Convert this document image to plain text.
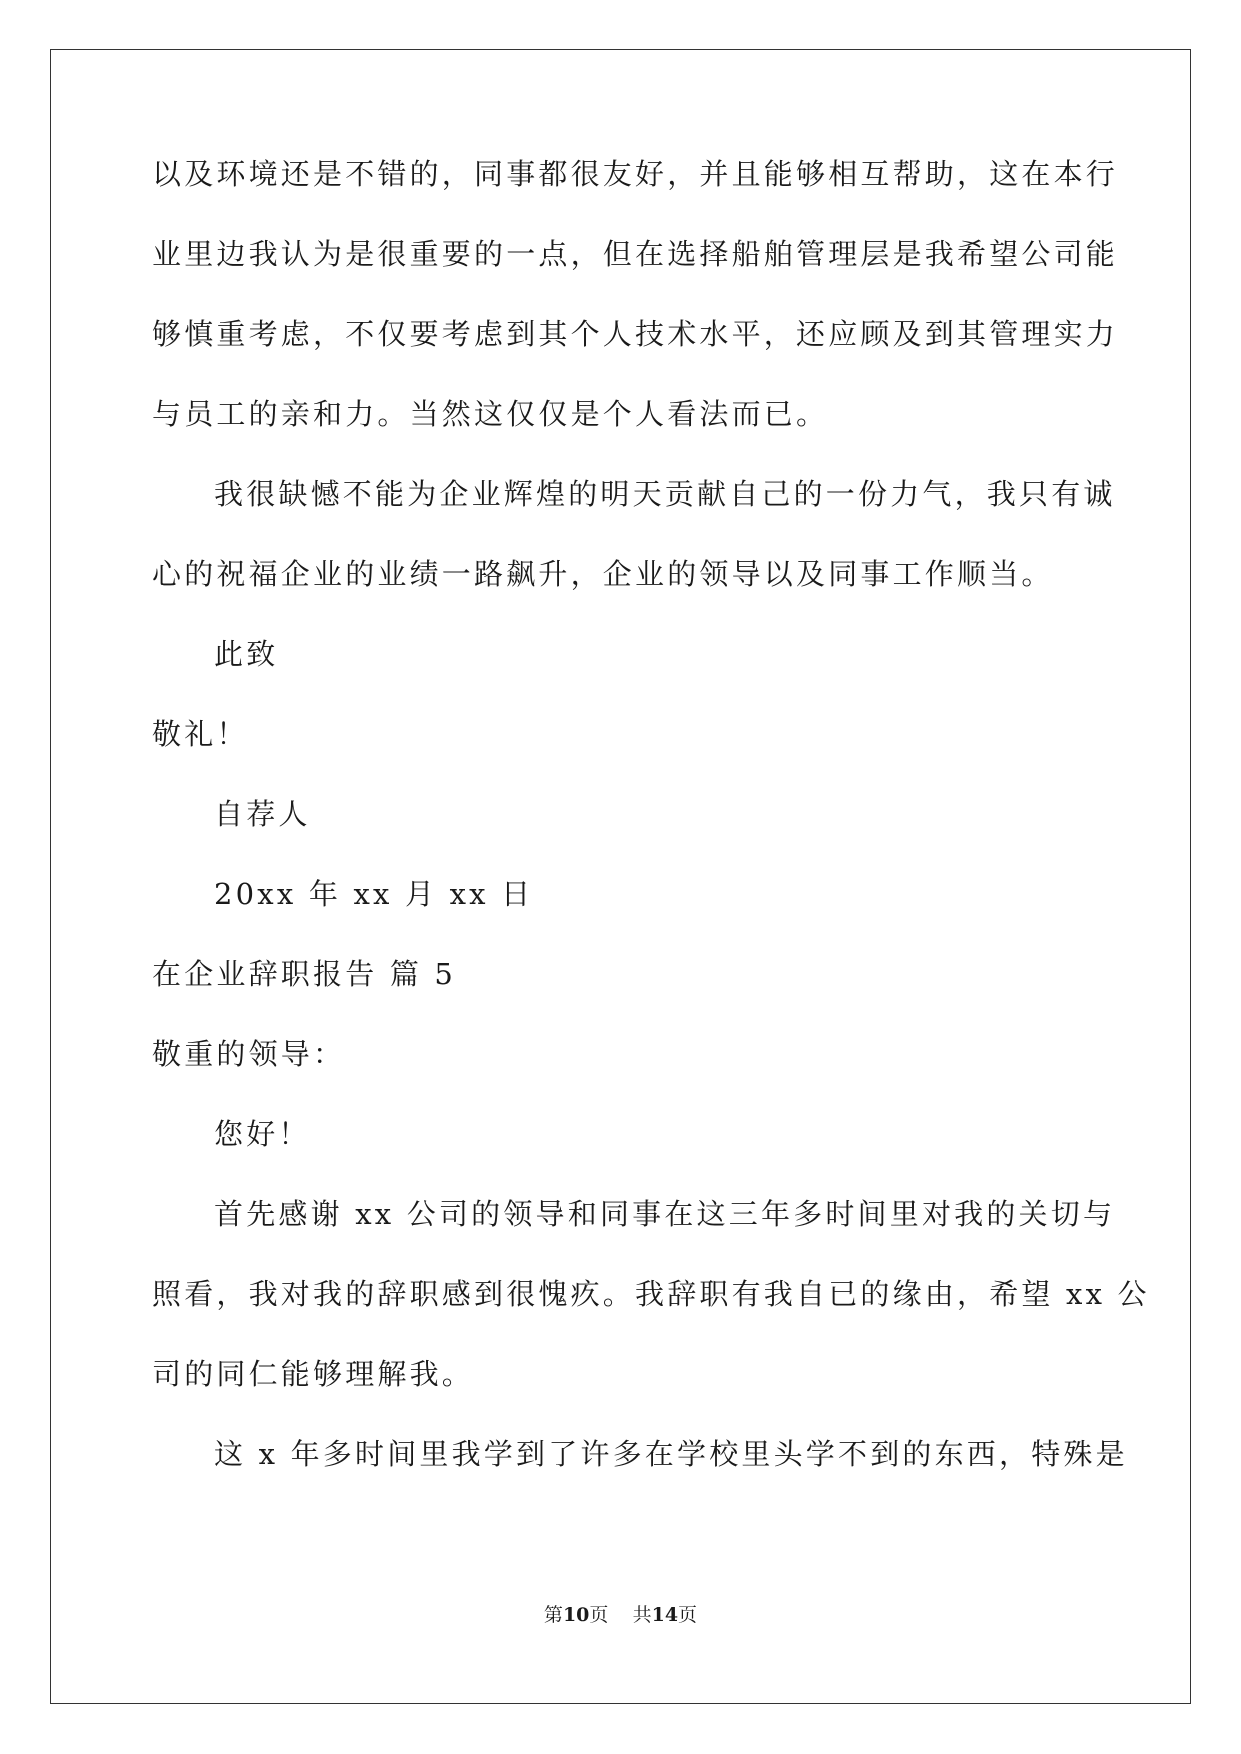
以及环境还是不错的，同事都很友好，并且能够相互帮助，这在本行
业里边我认为是很重要的一点，但在选择船舶管理层是我希望公司能
够慎重考虑，不仅要考虑到其个人技术水平，还应顾及到其管理实力
与员工的亲和力。当然这仅仅是个人看法而已。
我很缺憾不能为企业辉煌的明天贡献自己的一份力气，我只有诚
心的祝福企业的业绩一路飙升，企业的领导以及同事工作顺当。
此致
敬礼！
自荐人
20xx 年 xx 月 xx 日
在企业辞职报告 篇 5
敬重的领导：
您好！
首先感谢 xx 公司的领导和同事在这三年多时间里对我的关切与
照看，我对我的辞职感到很愧疚。我辞职有我自已的缘由，希望 xx 公
司的同仁能够理解我。
这 x 年多时间里我学到了许多在学校里头学不到的东西，特殊是
第10页 共14页
